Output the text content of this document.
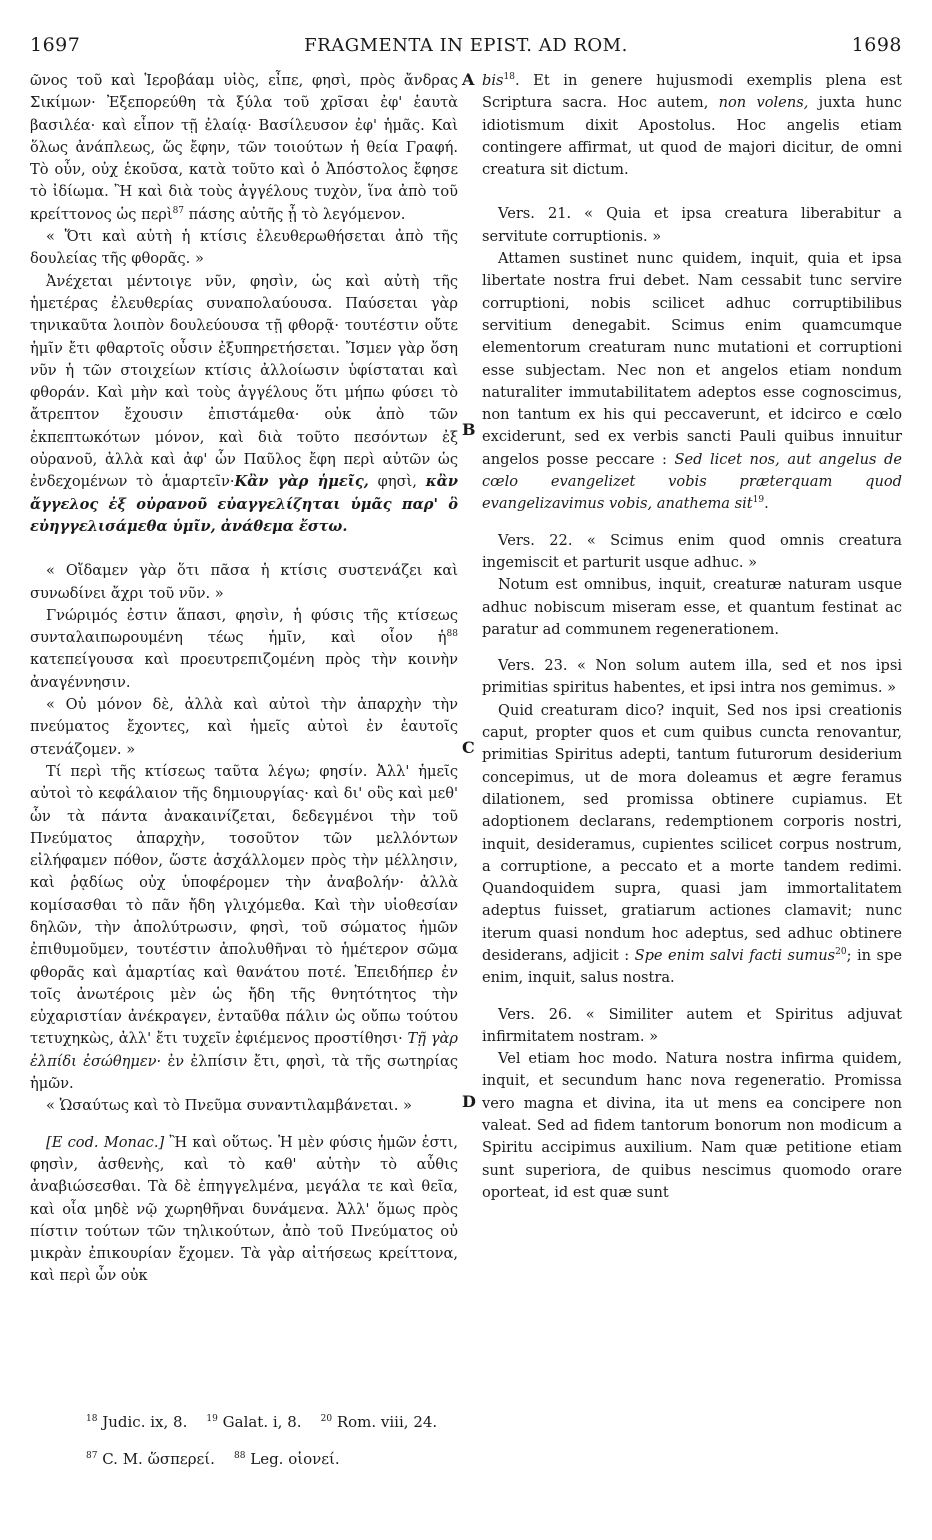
1697	FRAGMENTA IN EPIST. AD ROM.	1698
A
B
C
D

ῶνος τοῦ καὶ Ἱεροβάαμ υἱὸς, εἶπε, φησὶ, πρὸς ἄνδρας Σικίμων· Ἐξεπορεύθη τὰ ξύλα τοῦ χρῖσαι ἐφ' ἑαυτὰ βασιλέα· καὶ εἶπον τῇ ἐλαίᾳ· Βασίλευσον ἐφ' ἡμᾶς. Καὶ ὅλως ἀνάπλεως, ὥς ἔφην, τῶν τοιούτων ἡ θεία Γραφή. Τὸ οὖν, οὐχ ἑκοῦσα, κατὰ τοῦτο καὶ ὁ Ἀπόστολος ἔφησε τὸ ἰδίωμα. Ἢ καὶ διὰ τοὺς ἀγγέλους τυχὸν, ἵνα ἀπὸ τοῦ κρείττονος ὡς περὶ$^{87}$ πάσης αὐτῆς ᾖ τὸ λεγόμενον.

« Ὅτι καὶ αὐτὴ ἡ κτίσις ἐλευθερωθήσεται ἀπὸ τῆς δουλείας τῆς φθορᾶς. »

Ἀνέχεται μέντοιγε νῦν, φησὶν, ὡς καὶ αὐτὴ τῆς ἡμετέρας ἐλευθερίας συναπολαύουσα. Παύσεται γὰρ τηνικαῦτα λοιπὸν δουλεύουσα τῇ φθορᾷ· τουτέστιν οὔτε ἡμῖν ἔτι φθαρτοῖς οὖσιν ἐξυπηρετήσεται. Ἴσμεν γὰρ ὅση νῦν ἡ τῶν στοιχείων κτίσις ἀλλοίωσιν ὑφίσταται καὶ φθοράν. Καὶ μὴν καὶ τοὺς ἀγγέλους ὅτι μήπω φύσει τὸ ἄτρεπτον ἔχουσιν ἐπιστάμεθα· οὐκ ἀπὸ τῶν ἐκπεπτωκότων μόνον, καὶ διὰ τοῦτο πεσόντων ἐξ οὐρανοῦ, ἀλλὰ καὶ ἀφ' ὧν Παῦλος ἔφη περὶ αὐτῶν ὡς ἐνδεχομένων τὸ ἁμαρτεῖν·Κἂν γὰρ ἡμεῖς, φησὶ, κἂν ἄγγελος ἐξ οὐρανοῦ εὐαγγελίζηται ὑμᾶς παρ' ὃ εὐηγγελισάμεθα ὑμῖν, ἀνάθεμα ἔστω.

« Οἴδαμεν γὰρ ὅτι πᾶσα ἡ κτίσις συστενάζει καὶ συνωδίνει ἄχρι τοῦ νῦν. »

Γνώριμός ἐστιν ἅπασι, φησὶν, ἡ φύσις τῆς κτίσεως συνταλαιπωρουμένη τέως ἡμῖν, καὶ οἷον ἡ$^{88}$ κατεπείγουσα καὶ προευτρεπιζομένη πρὸς τὴν κοινὴν ἀναγέννησιν.

« Οὐ μόνον δὲ, ἀλλὰ καὶ αὐτοὶ τὴν ἀπαρχὴν τὴν πνεύματος ἔχοντες, καὶ ἡμεῖς αὐτοὶ ἐν ἑαυτοῖς στενάζομεν. »

Τί περὶ τῆς κτίσεως ταῦτα λέγω; φησίν. Ἀλλ' ἡμεῖς αὐτοὶ τὸ κεφάλαιον τῆς δημιουργίας· καὶ δι' οὓς καὶ μεθ' ὧν τὰ πάντα ἀνακαινίζεται, δεδεγμένοι τὴν τοῦ Πνεύματος ἀπαρχὴν, τοσοῦτον τῶν μελλόντων εἰλήφαμεν πόθον, ὥστε ἀσχάλλομεν πρὸς τὴν μέλλησιν, καὶ ῥᾳδίως οὐχ ὑποφέρομεν τὴν ἀναβολήν· ἀλλὰ κομίσασθαι τὸ πᾶν ἤδη γλιχόμεθα. Καὶ τὴν υἱοθεσίαν δηλῶν, τὴν ἀπολύτρωσιν, φησὶ, τοῦ σώματος ἡμῶν ἐπιθυμοῦμεν, τουτέστιν ἀπολυθῆναι τὸ ἡμέτερον σῶμα φθορᾶς καὶ ἁμαρτίας καὶ θανάτου ποτέ. Ἐπειδήπερ ἐν τοῖς ἀνωτέροις μὲν ὡς ἤδη τῆς θνητότητος τὴν εὐχαριστίαν ἀνέκραγεν, ἐνταῦθα πάλιν ὡς οὔπω τούτου τετυχηκὼς, ἀλλ' ἔτι τυχεῖν ἐφιέμενος προστίθησι· Τῇ γὰρ ἐλπίδι ἐσώθημεν· ἐν ἐλπίσιν ἔτι, φησὶ, τὰ τῆς σωτηρίας ἡμῶν.

« Ὡσαύτως καὶ τὸ Πνεῦμα συναντιλαμβάνεται. »

[E cod. Monac.] Ἢ καὶ οὕτως. Ἡ μὲν φύσις ἡμῶν ἐστι, φησὶν, ἀσθενὴς, καὶ τὸ καθ' αὑτὴν τὸ αὖθις ἀναβιώσεσθαι. Τὰ δὲ ἐπηγγελμένα, μεγάλα τε καὶ θεῖα, καὶ οἷα μηδὲ νῷ χωρηθῆναι δυνάμενα. Ἀλλ' ὅμως πρὸς πίστιν τούτων τῶν τηλικούτων, ἀπὸ τοῦ Πνεύματος οὐ μικρὰν ἐπικουρίαν ἔχομεν. Τὰ γὰρ αἰτήσεως κρείττονα, καὶ περὶ ὧν οὐκ

bis$^{18}$. Et in genere hujusmodi exemplis plena est Scriptura sacra. Hoc autem, non volens, juxta hunc idiotismum dixit Apostolus. Hoc angelis etiam contingere affirmat, ut quod de majori dicitur, de omni creatura sit dictum.

Vers. 21. « Quia et ipsa creatura liberabitur a servitute corruptionis. »

Attamen sustinet nunc quidem, inquit, quia et ipsa libertate nostra frui debet. Nam cessabit tunc servire corruptioni, nobis scilicet adhuc corruptibilibus servitium denegabit. Scimus enim quamcumque elementorum creaturam nunc mutationi et corruptioni esse subjectam. Nec non et angelos etiam nondum naturaliter immutabilitatem adeptos esse cognoscimus, non tantum ex his qui peccaverunt, et idcirco e cœlo exciderunt, sed ex verbis sancti Pauli quibus innuitur angelos posse peccare : Sed licet nos, aut angelus de cœlo evangelizet vobis præterquam quod evangelizavimus vobis, anathema sit$^{19}$.

Vers. 22. « Scimus enim quod omnis creatura ingemiscit et parturit usque adhuc. »

Notum est omnibus, inquit, creaturæ naturam usque adhuc nobiscum miseram esse, et quantum festinat ac paratur ad communem regenerationem.

Vers. 23. « Non solum autem illa, sed et nos ipsi primitias spiritus habentes, et ipsi intra nos gemimus. »

Quid creaturam dico? inquit, Sed nos ipsi creationis caput, propter quos et cum quibus cuncta renovantur, primitias Spiritus adepti, tantum futurorum desiderium concepimus, ut de mora doleamus et ægre feramus dilationem, sed promissa obtinere cupiamus. Et adoptionem declarans, redemptionem corporis nostri, inquit, desideramus, cupientes scilicet corpus nostrum, a corruptione, a peccato et a morte tandem redimi. Quandoquidem supra, quasi jam immortalitatem adeptus fuisset, gratiarum actiones clamavit; nunc iterum quasi nondum hoc adeptus, sed adhuc obtinere desiderans, adjicit : Spe enim salvi facti sumus$^{20}$; in spe enim, inquit, salus nostra.

Vers. 26. « Similiter autem et Spiritus adjuvat infirmitatem nostram. »

Vel etiam hoc modo. Natura nostra infirma quidem, inquit, et secundum hanc nova regeneratio. Promissa vero magna et divina, ita ut mens ea concipere non valeat. Sed ad fidem tantorum bonorum non modicum a Spiritu accipimus auxilium. Nam quæ petitione etiam sunt superiora, de quibus nescimus quomodo orare oporteat, id est quæ sunt

$^{18}$ Judic. ix, 8. $^{19}$ Galat. i, 8. $^{20}$ Rom. viii, 24.
$^{87}$ C. M. ὥσπερεί. $^{88}$ Leg. οἱονεί.
